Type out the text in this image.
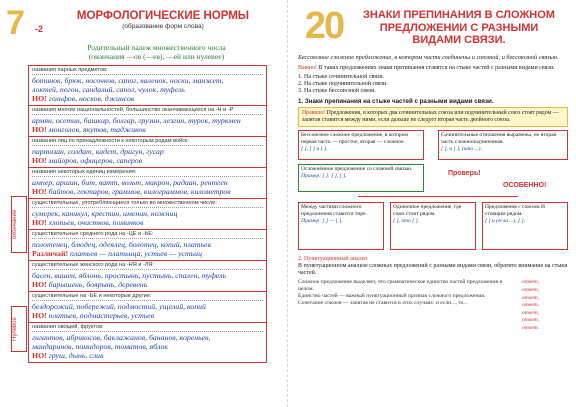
7	-2
МОРФОЛОГИЧЕСКИЕ НОРМЫ
(образование форм слова)
Родительный падеж множественного числа
(окончания —ов (—ев), —ей или нулевое)
окончание
Нулевое
названия парных предметов:
ботинок, брюк, носочков, сапог, валенок, носки, манжет,
локтей, погон, сандалий, сапог, чулок, туфель
НО! гольфов, носков, джинсов
названия многих национальностей, большинство оканчивающихся на -Н и -Р:
армян, осетин, башкир, болгар, грузин, лезгин, турок, туркмен
НО! монголов, якутов, таджиков
названия лиц по принадлежности к некоторым родам войск:
партизан, солдат, кадет, драгун, гусар
НО! майоров, офицеров, саперов
названия некоторых единиц измерения:
ампер, аршин, бит, ватт, вольт, микрон, радиан, рентген
НО! байтов, гектаров, граммов, килограммов, километров
существительные, употребляющиеся только во множественном числе:
сумерек, каникул, крестин, именин, ножниц
НО! хлопьев, очистков, поминков
существительные среднего рода на -ЦЕ и -ЬЕ:
полотенец, блюдец, одеялец, болотец, копий, платьев
Различай! платьев — платьица, устьев — устьиц
существительные женского рода на -НЯ и -ЛЯ:
басен, вишен, яблонь, простынь, пустынь, спален, туфель
НО! барышень, боярынь, деревень
существительные на -ЬЕ и некоторые другие:
бездорожий, побережий, подмостий, ущелий, копий
НО! платьев, подмастерьев, устьев
названия овощей, фруктов:
гигантов, абрикосов, баклажанов, бананов, кореньев,
мандаринов, помидоров, томатов, яблок
НО! груш, дынь, слив
20	ЗНАКИ ПРЕПИНАНИЯ В СЛОЖНОМ
ПРЕДЛОЖЕНИИ С РАЗНЫМИ
ВИДАМИ СВЯЗИ.
Бессоюзное сложное предложение, в котором части соединены и союзной, и бессоюзной связью.
Важно! В таких предложениях знаки препинания ставятся на стыке частей с разными видами связи.
1. На стыке сочинительной связи.
2. На стыке подчинительной связи.
3. На стыке бессоюзной связи.
1. Знаки препинания на стыке частей с разными видами связи.
Правило! Предложения, в которых два сочинительных союза или подчинительный союз стоят рядом — запятая ставится между ними, если дальше не следует вторая часть двойного союза.
Бессоюзное сложное предложение, в котором первая часть — простое, вторая — сложное.
[ ], [ ] и [ ].
Сочинительные отношения выражены, но вторая часть сложноподчиненная.
[ ], и [ ], (что ...).
Осложнённое предложение со сложной связью.
Пример: [ ]: [ ], [ ].	Проверь!
ОСОБЕННО!
Между частями сложного предложения ставится тире.
Пример: [ ] — [ ].
Одиночное предложение, где союз стоит рядом.
[ ], что [ ].
Предложения с союзом И стоящим рядом.
[ ] и (если ...), [ ].
2. Пунктуационный анализ
В пунктуационном анализе сложных предложений с разными видами связи, обратите внимание на стыки частей.
Сложное предложение выделяет, что грамматическое единство частей предложения в целом.
Единство частей — важный пунктуационный признак сложного предложения.
Сочетание союзов — запятая не ставится в этих случаях: и если..., то...
ответ,
ответ,
ответ,
ответ,
ответ,
ответ,
ответ.
